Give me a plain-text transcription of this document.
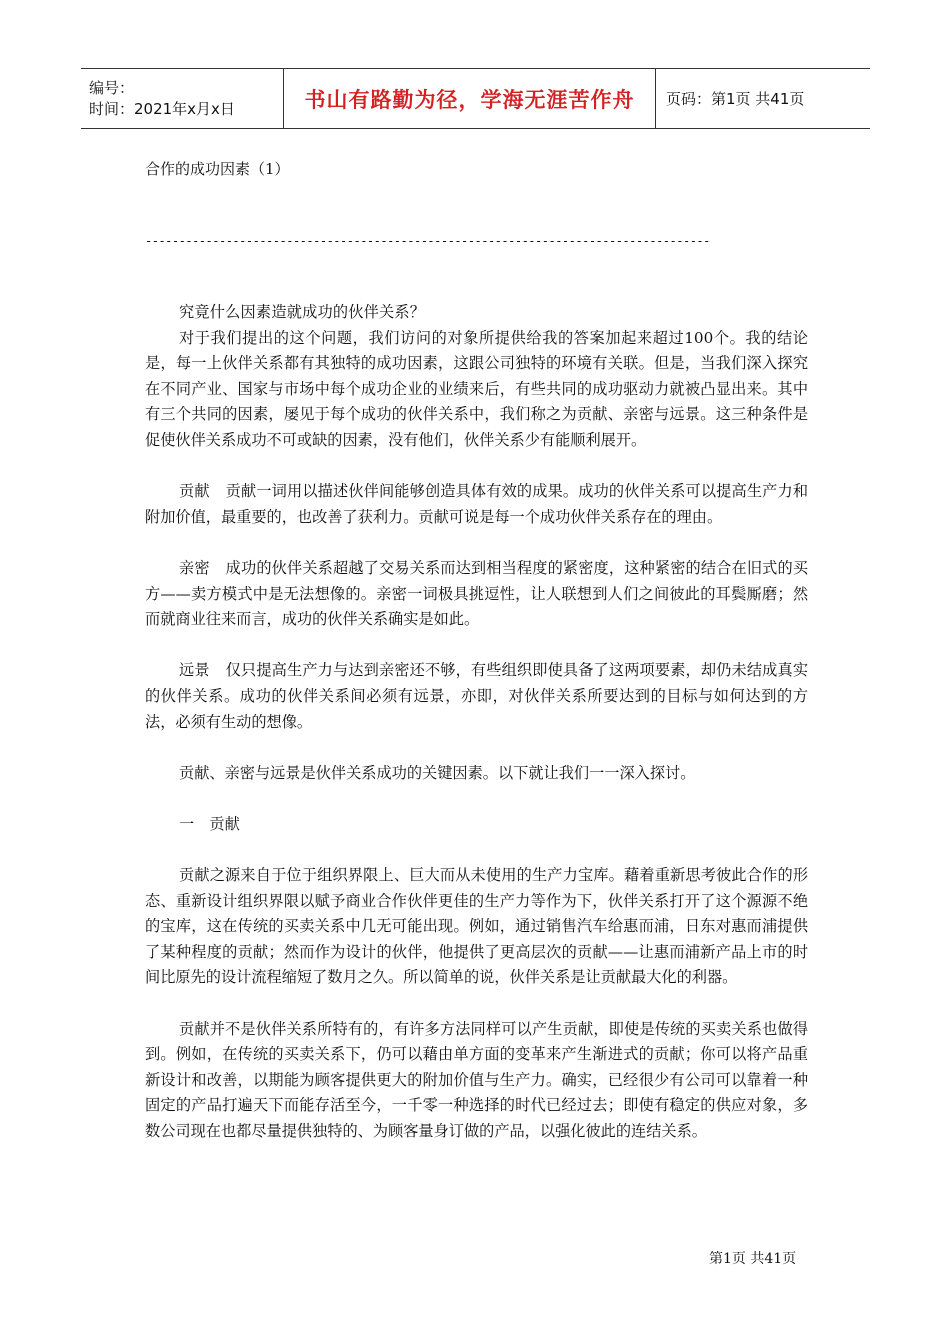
编号：
时间：2021年x月x日	书山有路勤为径，学海无涯苦作舟 页码：第1页 共41页
合作的成功因素（1）
------------------------------------------------------------------------------------

究竟什么因素造就成功的伙伴关系？

对于我们提出的这个问题，我们访问的对象所提供给我的答案加起来超过100个。我的结论是，每一上伙伴关系都有其独特的成功因素，这跟公司独特的环境有关联。但是，当我们深入探究在不同产业、国家与市场中每个成功企业的业绩来后，有些共同的成功驱动力就被凸显出来。其中有三个共同的因素，屡见于每个成功的伙伴关系中，我们称之为贡献、亲密与远景。这三种条件是促使伙伴关系成功不可或缺的因素，没有他们，伙伴关系少有能顺利展开。

贡献 贡献一词用以描述伙伴间能够创造具体有效的成果。成功的伙伴关系可以提高生产力和附加价值，最重要的，也改善了获利力。贡献可说是每一个成功伙伴关系存在的理由。

亲密 成功的伙伴关系超越了交易关系而达到相当程度的紧密度，这种紧密的结合在旧式的买方——卖方模式中是无法想像的。亲密一词极具挑逗性，让人联想到人们之间彼此的耳鬓厮磨；然而就商业往来而言，成功的伙伴关系确实是如此。

远景 仅只提高生产力与达到亲密还不够，有些组织即使具备了这两项要素，却仍未结成真实的伙伴关系。成功的伙伴关系间必须有远景，亦即，对伙伴关系所要达到的目标与如何达到的方法，必须有生动的想像。

贡献、亲密与远景是伙伴关系成功的关键因素。以下就让我们一一深入探讨。

一　贡献

贡献之源来自于位于组织界限上、巨大而从未使用的生产力宝库。藉着重新思考彼此合作的形态、重新设计组织界限以赋予商业合作伙伴更佳的生产力等作为下，伙伴关系打开了这个源源不绝的宝库，这在传统的买卖关系中几无可能出现。例如，通过销售汽车给惠而浦，日东对惠而浦提供了某种程度的贡献；然而作为设计的伙伴，他提供了更高层次的贡献——让惠而浦新产品上市的时间比原先的设计流程缩短了数月之久。所以简单的说，伙伴关系是让贡献最大化的利器。

贡献并不是伙伴关系所特有的，有许多方法同样可以产生贡献，即使是传统的买卖关系也做得到。例如，在传统的买卖关系下，仍可以藉由单方面的变革来产生渐进式的贡献；你可以将产品重新设计和改善，以期能为顾客提供更大的附加价值与生产力。确实，已经很少有公司可以靠着一种固定的产品打遍天下而能存活至今，一千零一种选择的时代已经过去；即使有稳定的供应对象，多数公司现在也都尽量提供独特的、为顾客量身订做的产品，以强化彼此的连结关系。

第1页 共41页
